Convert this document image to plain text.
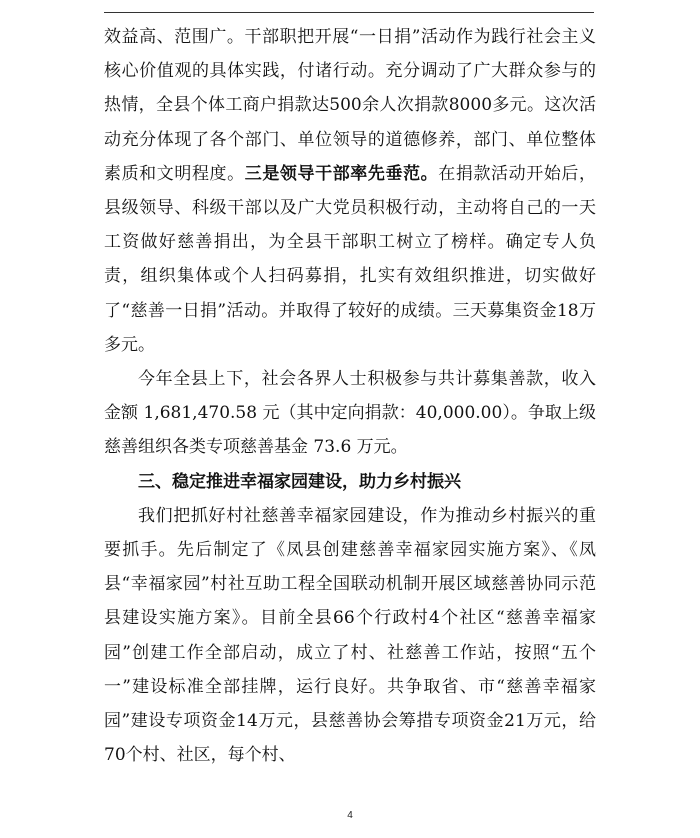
效益高、范围广。干部职把开展“一日捐”活动作为践行社会主义核心价值观的具体实践，付诸行动。充分调动了广大群众参与的热情，全县个体工商户捐款达500余人次捐款8000多元。这次活动充分体现了各个部门、单位领导的道德修养，部门、单位整体素质和文明程度。三是领导干部率先垂范。在捐款活动开始后，县级领导、科级干部以及广大党员积极行动，主动将自己的一天工资做好慈善捐出，为全县干部职工树立了榜样。确定专人负责，组织集体或个人扫码募捐，扎实有效组织推进，切实做好了“慈善一日捐”活动。并取得了较好的成绩。三天募集资金18万多元。

今年全县上下，社会各界人士积极参与共计募集善款，收入金额 1,681,470.58 元（其中定向捐款：40,000.00）。争取上级慈善组织各类专项慈善基金 73.6 万元。

三、稳定推进幸福家园建设，助力乡村振兴

我们把抓好村社慈善幸福家园建设，作为推动乡村振兴的重要抓手。先后制定了《凤县创建慈善幸福家园实施方案》、《凤县“幸福家园”村社互助工程全国联动机制开展区域慈善协同示范县建设实施方案》。目前全县66个行政村4个社区“慈善幸福家园”创建工作全部启动，成立了村、社慈善工作站，按照“五个一”建设标准全部挂牌，运行良好。共争取省、市“慈善幸福家园”建设专项资金14万元，县慈善协会筹措专项资金21万元，给70个村、社区，每个村、

4
